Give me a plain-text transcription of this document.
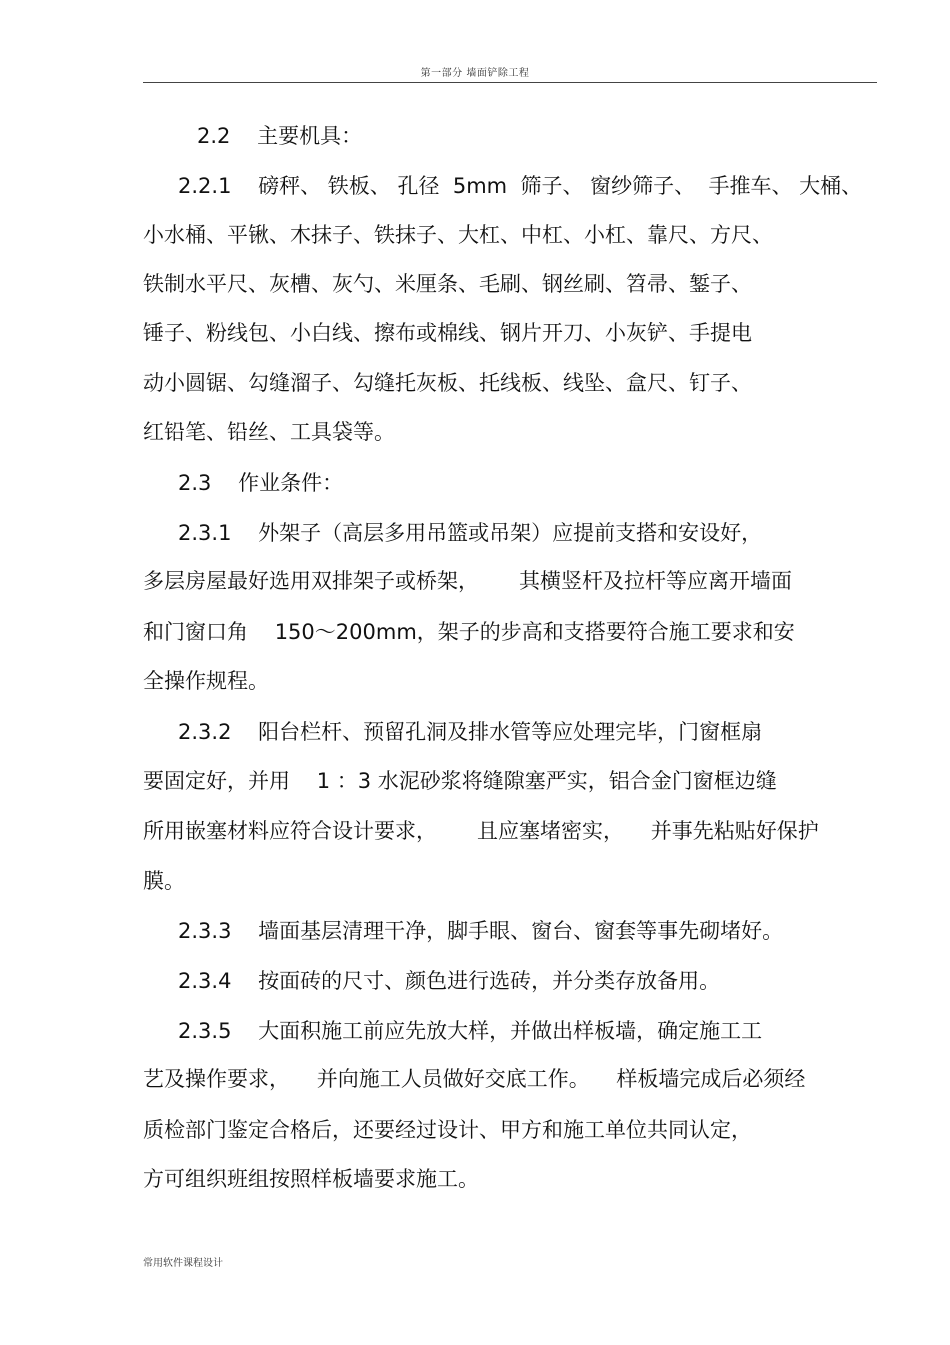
第一部分 墙面铲除工程
2.2    主要机具：
2.2.1    磅秤、 铁板、 孔径  5mm  筛子、 窗纱筛子、  手推车、 大桶、
小水桶、平锹、木抹子、铁抹子、大杠、中杠、小杠、靠尺、方尺、
铁制水平尺、灰槽、灰勺、米厘条、毛刷、钢丝刷、笤帚、錾子、
锤子、粉线包、小白线、擦布或棉线、钢片开刀、小灰铲、手提电
动小圆锯、勾缝溜子、勾缝托灰板、托线板、线坠、盒尺、钉子、
红铅笔、铅丝、工具袋等。
2.3    作业条件：
2.3.1    外架子（高层多用吊篮或吊架）应提前支搭和安设好，
多层房屋最好选用双排架子或桥架，      其横竖杆及拉杆等应离开墙面
和门窗口角    150～200mm，架子的步高和支搭要符合施工要求和安
全操作规程。
2.3.2    阳台栏杆、预留孔洞及排水管等应处理完毕，门窗框扇
要固定好，并用    1 ：3 水泥砂浆将缝隙塞严实，铝合金门窗框边缝
所用嵌塞材料应符合设计要求，      且应塞堵密实，    并事先粘贴好保护
膜。
2.3.3    墙面基层清理干净，脚手眼、窗台、窗套等事先砌堵好。
2.3.4    按面砖的尺寸、颜色进行选砖，并分类存放备用。
2.3.5    大面积施工前应先放大样，并做出样板墙，确定施工工
艺及操作要求，    并向施工人员做好交底工作。    样板墙完成后必须经
质检部门鉴定合格后，还要经过设计、甲方和施工单位共同认定，
方可组织班组按照样板墙要求施工。
常用软件课程设计
